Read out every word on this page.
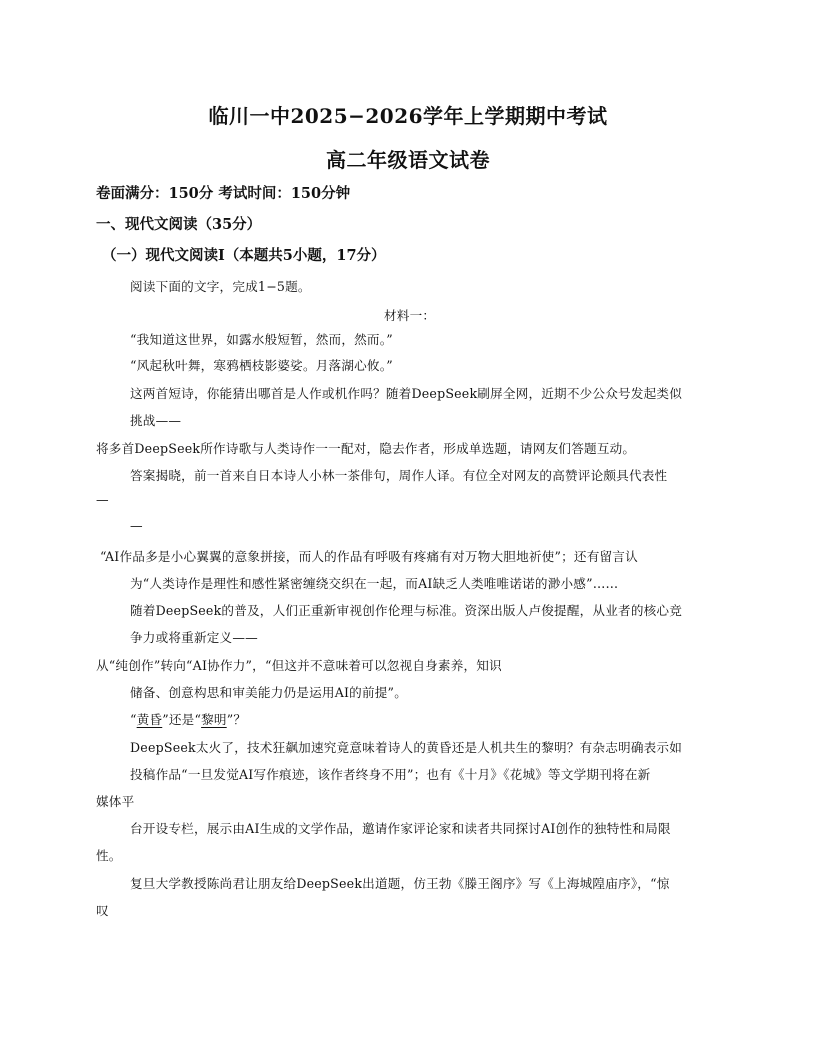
临川一中2025−2026学年上学期期中考试
高二年级语文试卷
卷面满分：150分 考试时间：150分钟
一、现代文阅读（35分）
（一）现代文阅读Ⅰ（本题共5小题，17分）
阅读下面的文字，完成1−5题。
材料一：
“我知道这世界，如露水般短暂，然而，然而。”
“风起秋叶舞，寒鸦栖枝影婆娑。月落湖心攸。”
这两首短诗，你能猜出哪首是人作或机作吗？随着DeepSeek刷屏全网，近期不少公众号发起类似
挑战——
将多首DeepSeek所作诗歌与人类诗作一一配对，隐去作者，形成单选题，请网友们答题互动。
答案揭晓，前一首来自日本诗人小林一茶俳句，周作人译。有位全对网友的高赞评论颇具代表性
—
—
“AI作品多是小心翼翼的意象拼接，而人的作品有呼吸有疼痛有对万物大胆地祈使”；还有留言认
为“人类诗作是理性和感性紧密缠绕交织在一起，而AI缺乏人类唯唯诺诺的渺小感”……
随着DeepSeek的普及，人们正重新审视创作伦理与标准。资深出版人卢俊提醒，从业者的核心竞
争力或将重新定义——
从“纯创作”转向“AI协作力”，“但这并不意味着可以忽视自身素养，知识
储备、创意构思和审美能力仍是运用AI的前提”。
“黄昏”还是“黎明”？
DeepSeek太火了，技术狂飙加速究竟意味着诗人的黄昏还是人机共生的黎明？有杂志明确表示如
投稿作品“一旦发觉AI写作痕迹，该作者终身不用”；也有《十月》《花城》等文学期刊将在新
媒体平
台开设专栏，展示由AI生成的文学作品，邀请作家评论家和读者共同探讨AI创作的独特性和局限
性。
复旦大学教授陈尚君让朋友给DeepSeek出道题，仿王勃《滕王阁序》写《上海城隍庙序》，“惊
叹
